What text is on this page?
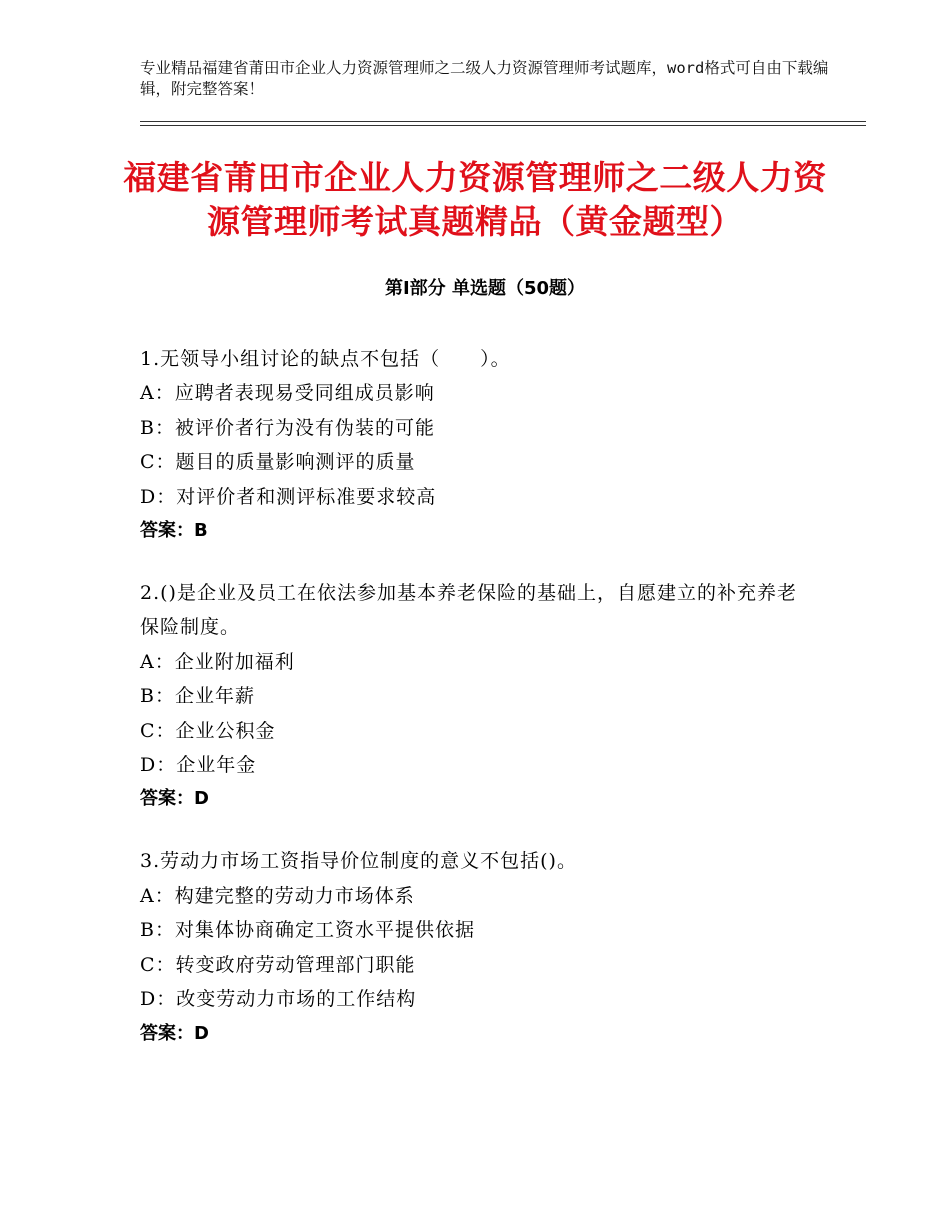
专业精品福建省莆田市企业人力资源管理师之二级人力资源管理师考试题库，word格式可自由下载编辑，附完整答案！
福建省莆田市企业人力资源管理师之二级人力资源管理师考试真题精品（黄金题型）
第Ⅰ部分 单选题（50题）
1.无领导小组讨论的缺点不包括（　　）。
A：应聘者表现易受同组成员影响
B：被评价者行为没有伪装的可能
C：题目的质量影响测评的质量
D：对评价者和测评标准要求较高
答案：B
2.()是企业及员工在依法参加基本养老保险的基础上，自愿建立的补充养老保险制度。
A：企业附加福利
B：企业年薪
C：企业公积金
D：企业年金
答案：D
3.劳动力市场工资指导价位制度的意义不包括()。
A：构建完整的劳动力市场体系
B：对集体协商确定工资水平提供依据
C：转变政府劳动管理部门职能
D：改变劳动力市场的工作结构
答案：D
